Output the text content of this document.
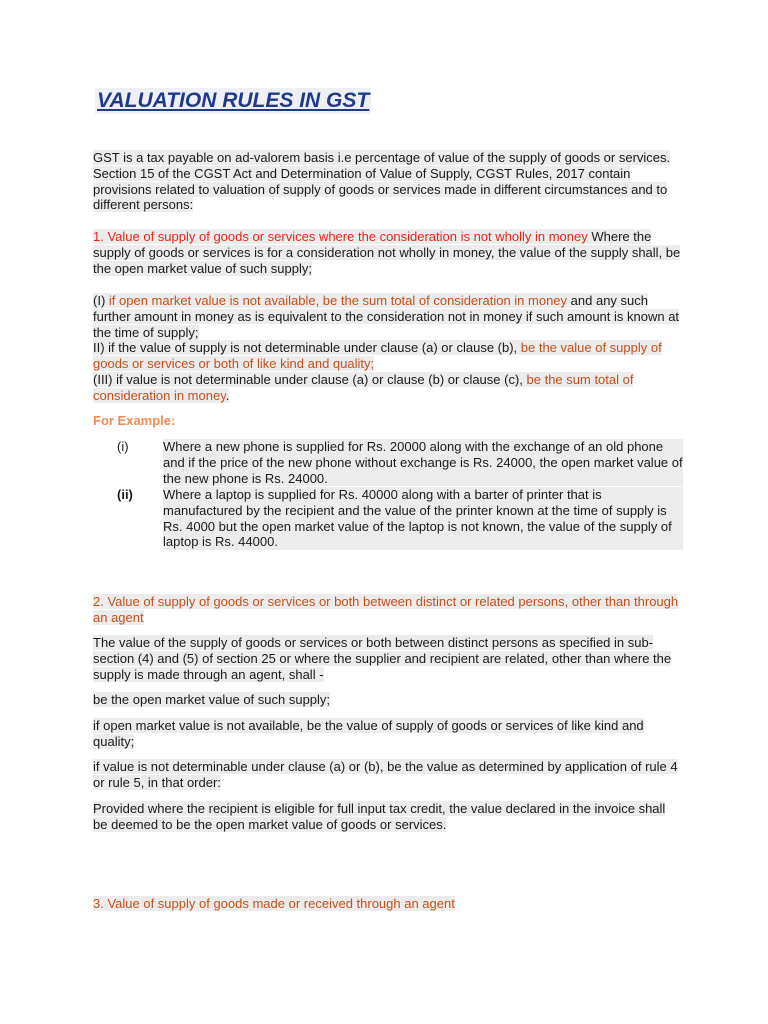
VALUATION RULES IN GST

GST is a tax payable on ad-valorem basis i.e percentage of value of the supply of goods or services. Section 15 of the CGST Act and Determination of Value of Supply, CGST Rules, 2017 contain provisions related to valuation of supply of goods or services made in different circumstances and to different persons:

1. Value of supply of goods or services where the consideration is not wholly in money Where the supply of goods or services is for a consideration not wholly in money, the value of the supply shall, be the open market value of such supply;

(I) if open market value is not available, be the sum total of consideration in money and any such further amount in money as is equivalent to the consideration not in money if such amount is known at the time of supply;
II) if the value of supply is not determinable under clause (a) or clause (b), be the value of supply of goods or services or both of like kind and quality;
(III) if value is not determinable under clause (a) or clause (b) or clause (c), be the sum total of consideration in money.

For Example:

(i)	Where a new phone is supplied for Rs. 20000 along with the exchange of an old phone and if the price of the new phone without exchange is Rs. 24000, the open market value of the new phone is Rs. 24000.
(ii) Where a laptop is supplied for Rs. 40000 along with a barter of printer that is manufactured by the recipient and the value of the printer known at the time of supply is Rs. 4000 but the open market value of the laptop is not known, the value of the supply of laptop is Rs. 44000.

2. Value of supply of goods or services or both between distinct or related persons, other than through an agent

The value of the supply of goods or services or both between distinct persons as specified in sub-section (4) and (5) of section 25 or where the supplier and recipient are related, other than where the supply is made through an agent, shall -

be the open market value of such supply;

if open market value is not available, be the value of supply of goods or services of like kind and quality;

if value is not determinable under clause (a) or (b), be the value as determined by application of rule 4 or rule 5, in that order:

Provided where the recipient is eligible for full input tax credit, the value declared in the invoice shall be deemed to be the open market value of goods or services.

3. Value of supply of goods made or received through an agent
